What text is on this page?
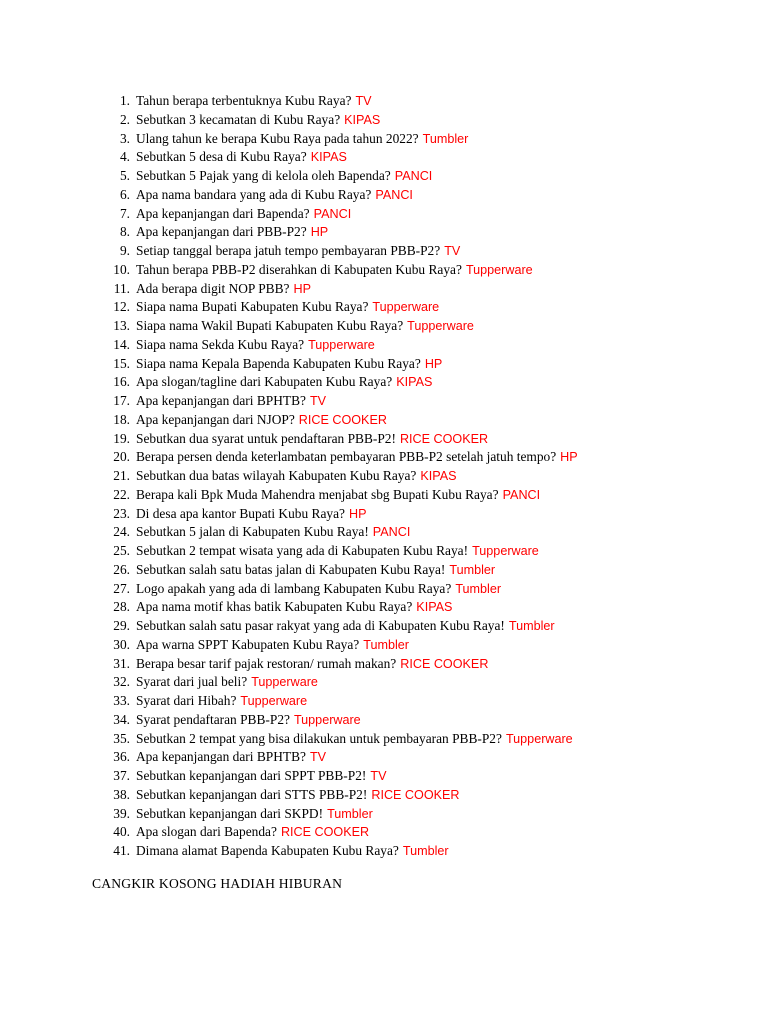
1. Tahun berapa terbentuknya Kubu Raya? TV
2. Sebutkan 3 kecamatan di Kubu Raya? KIPAS
3. Ulang tahun ke berapa Kubu Raya pada tahun 2022? Tumbler
4. Sebutkan 5 desa di Kubu Raya? KIPAS
5. Sebutkan 5 Pajak yang di kelola oleh Bapenda? PANCI
6. Apa nama bandara yang ada di Kubu Raya? PANCI
7. Apa kepanjangan dari Bapenda? PANCI
8. Apa kepanjangan dari PBB-P2? HP
9. Setiap tanggal berapa jatuh tempo pembayaran PBB-P2? TV
10. Tahun berapa PBB-P2 diserahkan di Kabupaten Kubu Raya? Tupperware
11. Ada berapa digit NOP PBB? HP
12. Siapa nama Bupati Kabupaten Kubu Raya? Tupperware
13. Siapa nama Wakil Bupati Kabupaten Kubu Raya? Tupperware
14. Siapa nama Sekda Kubu Raya? Tupperware
15. Siapa nama Kepala Bapenda Kabupaten Kubu Raya? HP
16. Apa slogan/tagline dari Kabupaten Kubu Raya? KIPAS
17. Apa kepanjangan dari BPHTB? TV
18. Apa kepanjangan dari NJOP? RICE COOKER
19. Sebutkan dua syarat untuk pendaftaran PBB-P2! RICE COOKER
20. Berapa persen denda keterlambatan pembayaran PBB-P2 setelah jatuh tempo? HP
21. Sebutkan dua batas wilayah Kabupaten Kubu Raya? KIPAS
22. Berapa kali Bpk Muda Mahendra menjabat sbg Bupati Kubu Raya? PANCI
23. Di desa apa kantor Bupati Kubu Raya? HP
24. Sebutkan 5 jalan di Kabupaten Kubu Raya! PANCI
25. Sebutkan 2 tempat wisata yang ada di Kabupaten Kubu Raya! Tupperware
26. Sebutkan salah satu batas jalan di Kabupaten Kubu Raya! Tumbler
27. Logo apakah yang ada di lambang Kabupaten Kubu Raya? Tumbler
28. Apa nama motif khas batik Kabupaten Kubu Raya? KIPAS
29. Sebutkan salah satu pasar rakyat yang ada di Kabupaten Kubu Raya! Tumbler
30. Apa warna SPPT Kabupaten Kubu Raya? Tumbler
31. Berapa besar tarif pajak restoran/ rumah makan? RICE COOKER
32. Syarat dari jual beli? Tupperware
33. Syarat dari Hibah? Tupperware
34. Syarat pendaftaran PBB-P2? Tupperware
35. Sebutkan 2 tempat yang bisa dilakukan untuk pembayaran PBB-P2? Tupperware
36. Apa kepanjangan dari BPHTB? TV
37. Sebutkan kepanjangan dari SPPT PBB-P2! TV
38. Sebutkan kepanjangan dari STTS PBB-P2! RICE COOKER
39. Sebutkan kepanjangan dari SKPD! Tumbler
40. Apa slogan dari Bapenda? RICE COOKER
41. Dimana alamat Bapenda Kabupaten Kubu Raya? Tumbler
CANGKIR KOSONG HADIAH HIBURAN
